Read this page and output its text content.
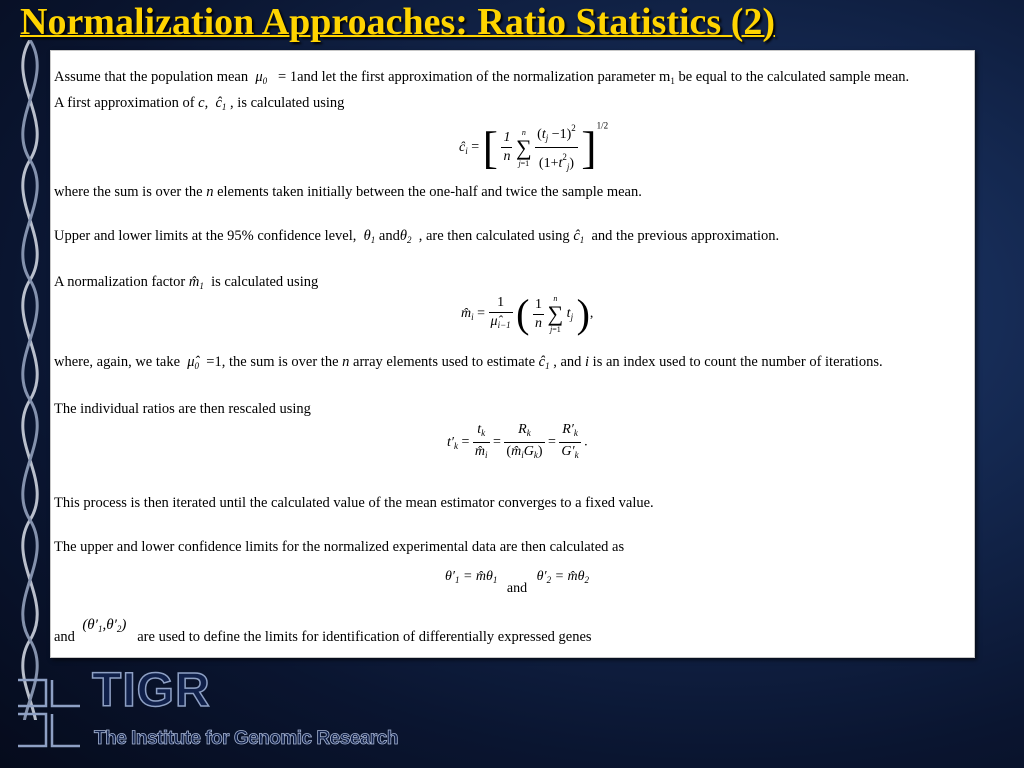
Normalization Approaches: Ratio Statistics (2)
Assume that the population mean  $\mu_0 = 1and$ let the first approximation of the normalization parameter $m_1$ be equal to the calculated sample mean.
A first approximation of c,  $ĉ_1$ , is calculated using
$ĉ_i$ = [ $\frac{1}{n}$
	n
∑
j=1
$\frac{(t_j -1)^2}{(1+t^2_j)} ]^{1/2}$
where the sum is over the n elements taken initially between the one-half and twice the sample mean.
Upper and lower limits at the 95% confidence level,  $\theta_1$ andθ$_2$ , are then calculated using $ĉ_1$ and the previous approximation.
A normalization factor $m̂_1$ is calculated using
$m̂_i = \frac{1}{\mû_{i-1}}$ ( $\frac{1}{n}$
	n
∑
j=1
$t_j$ ),
where, again, we take  $\mû_0 =1$, the sum is over the n array elements used to estimate $ĉ_1$ , and i is an index used to count the number of iterations.
The individual ratios are then rescaled using
$t'_k = \frac{t_k}{m̂_i} = \frac{R_k}{(m̂_iG_k)} = \frac{R'_k}{G'_k}$ .
This process is then iterated until the calculated value of the mean estimator converges to a fixed value.
The upper and lower confidence limits for the normalized experimental data are then calculated as
$\theta'_1$ = $m̂\theta_1$ and $\theta'_2$ = $m̂\theta_2$
and  $(\theta'_1,\theta'_2)$   are used to define the limits for identification of differentially expressed genes
TIGR
The Institute for Genomic Research
